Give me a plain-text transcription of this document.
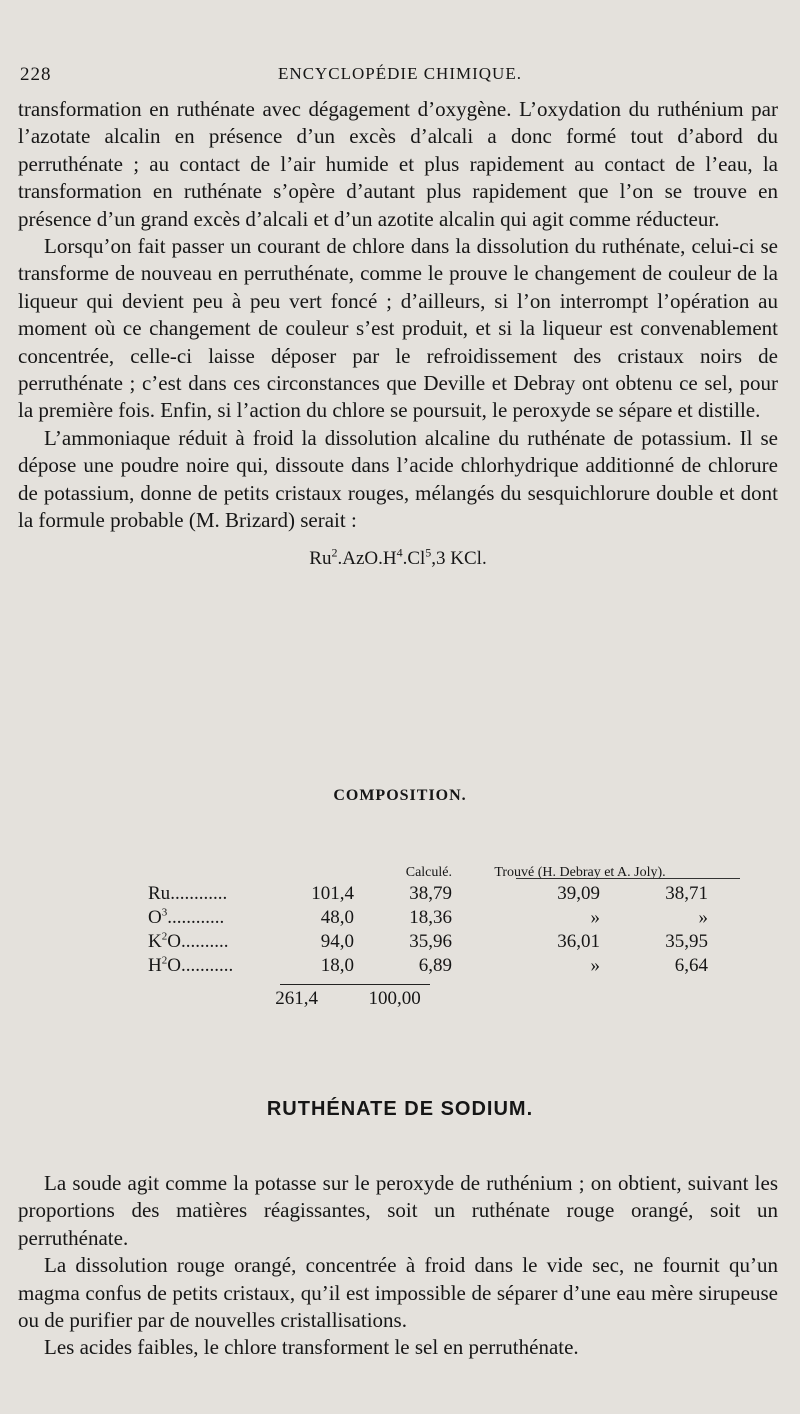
228	ENCYCLOPÉDIE CHIMIQUE.

transformation en ruthénate avec dégagement d’oxygène. L’oxydation du ruthénium par l’azotate alcalin en présence d’un excès d’alcali a donc formé tout d’abord du perruthénate ; au contact de l’air humide et plus rapidement au contact de l’eau, la transformation en ruthénate s’opère d’autant plus rapidement que l’on se trouve en présence d’un grand excès d’alcali et d’un azotite alcalin qui agit comme réducteur.

Lorsqu’on fait passer un courant de chlore dans la dissolution du ruthénate, celui-ci se transforme de nouveau en perruthénate, comme le prouve le changement de couleur de la liqueur qui devient peu à peu vert foncé ; d’ailleurs, si l’on interrompt l’opération au moment où ce changement de couleur s’est produit, et si la liqueur est convenablement concentrée, celle-ci laisse déposer par le refroidissement des cristaux noirs de perruthénate ; c’est dans ces circonstances que Deville et Debray ont obtenu ce sel, pour la première fois. Enfin, si l’action du chlore se poursuit, le peroxyde se sépare et distille.

L’ammoniaque réduit à froid la dissolution alcaline du ruthénate de potassium. Il se dépose une poudre noire qui, dissoute dans l’acide chlorhydrique additionné de chlorure de potassium, donne de petits cristaux rouges, mélangés du sesquichlorure double et dont la formule probable (M. Brizard) serait :

$Ru^2.AzO.H^4.Cl^5,3$ KCl.
COMPOSITION.
		Calculé.	Trouvé (H. Debray et A. Joly).	
Ru............	101,4	38,79	39,09	38,71
$O^3$............	48,0	18,36	»	»
$K^2O$..........	94,0	35,96	36,01	35,95
$H^2O$...........	18,0	6,89	»	6,64
261,4	100,00
RUTHÉNATE DE SODIUM.

La soude agit comme la potasse sur le peroxyde de ruthénium ; on obtient, suivant les proportions des matières réagissantes, soit un ruthénate rouge orangé, soit un perruthénate.

La dissolution rouge orangé, concentrée à froid dans le vide sec, ne fournit qu’un magma confus de petits cristaux, qu’il est impossible de séparer d’une eau mère sirupeuse ou de purifier par de nouvelles cristallisations.

Les acides faibles, le chlore transforment le sel en perruthénate.
